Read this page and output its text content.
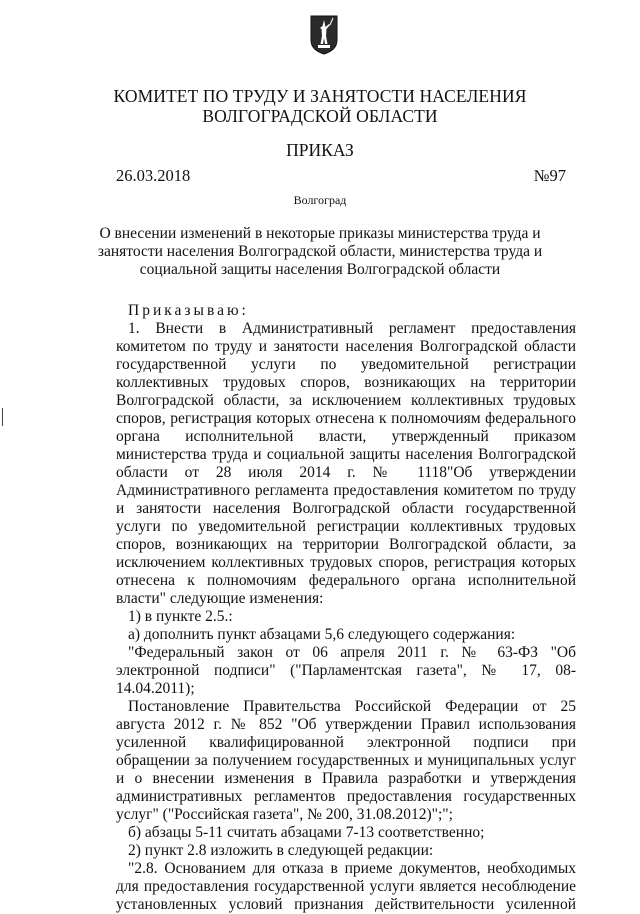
КОМИТЕТ ПО ТРУДУ И ЗАНЯТОСТИ НАСЕЛЕНИЯ
ВОЛГОГРАДСКОЙ ОБЛАСТИ
ПРИКАЗ
26.03.2018	№97
Волгоград
О внесении изменений в некоторые приказы министерства труда и
занятости населения Волгоградской области, министерства труда и
социальной защиты населения Волгоградской области

Приказываю:

1. Внести в Административный регламент предоставления комитетом по труду и занятости населения Волгоградской области государственной услуги по уведомительной регистрации коллективных трудовых споров, возникающих на территории Волгоградской области, за исключением коллективных трудовых споров, регистрация которых отнесена к полномочиям федерального органа исполнительной власти, утвержденный приказом министерства труда и социальной защиты населения Волгоградской области от 28 июля 2014 г. № 1118"Об утверждении Административного регламента предоставления комитетом по труду и занятости населения Волгоградской области государственной услуги по уведомительной регистрации коллективных трудовых споров, возникающих на территории Волгоградской области, за исключением коллективных трудовых споров, регистрация которых отнесена к полномочиям федерального органа исполнительной власти" следующие изменения:

1) в пункте 2.5.:

а) дополнить пункт абзацами 5,6 следующего содержания:

"Федеральный закон от 06 апреля 2011 г. № 63-ФЗ "Об электронной подписи" ("Парламентская газета", № 17, 08-14.04.2011);

Постановление Правительства Российской Федерации от 25 августа 2012 г. № 852 "Об утверждении Правил использования усиленной квалифицированной электронной подписи при обращении за получением государственных и муниципальных услуг и о внесении изменения в Правила разработки и утверждения административных регламентов предоставления государственных услуг" ("Российская газета", № 200, 31.08.2012)";";

б) абзацы 5-11 считать абзацами 7-13 соответственно;

2) пункт 2.8 изложить в следующей редакции:

"2.8. Основанием для отказа в приеме документов, необходимых для предоставления государственной услуги является несоблюдение установленных условий признания действительности усиленной
